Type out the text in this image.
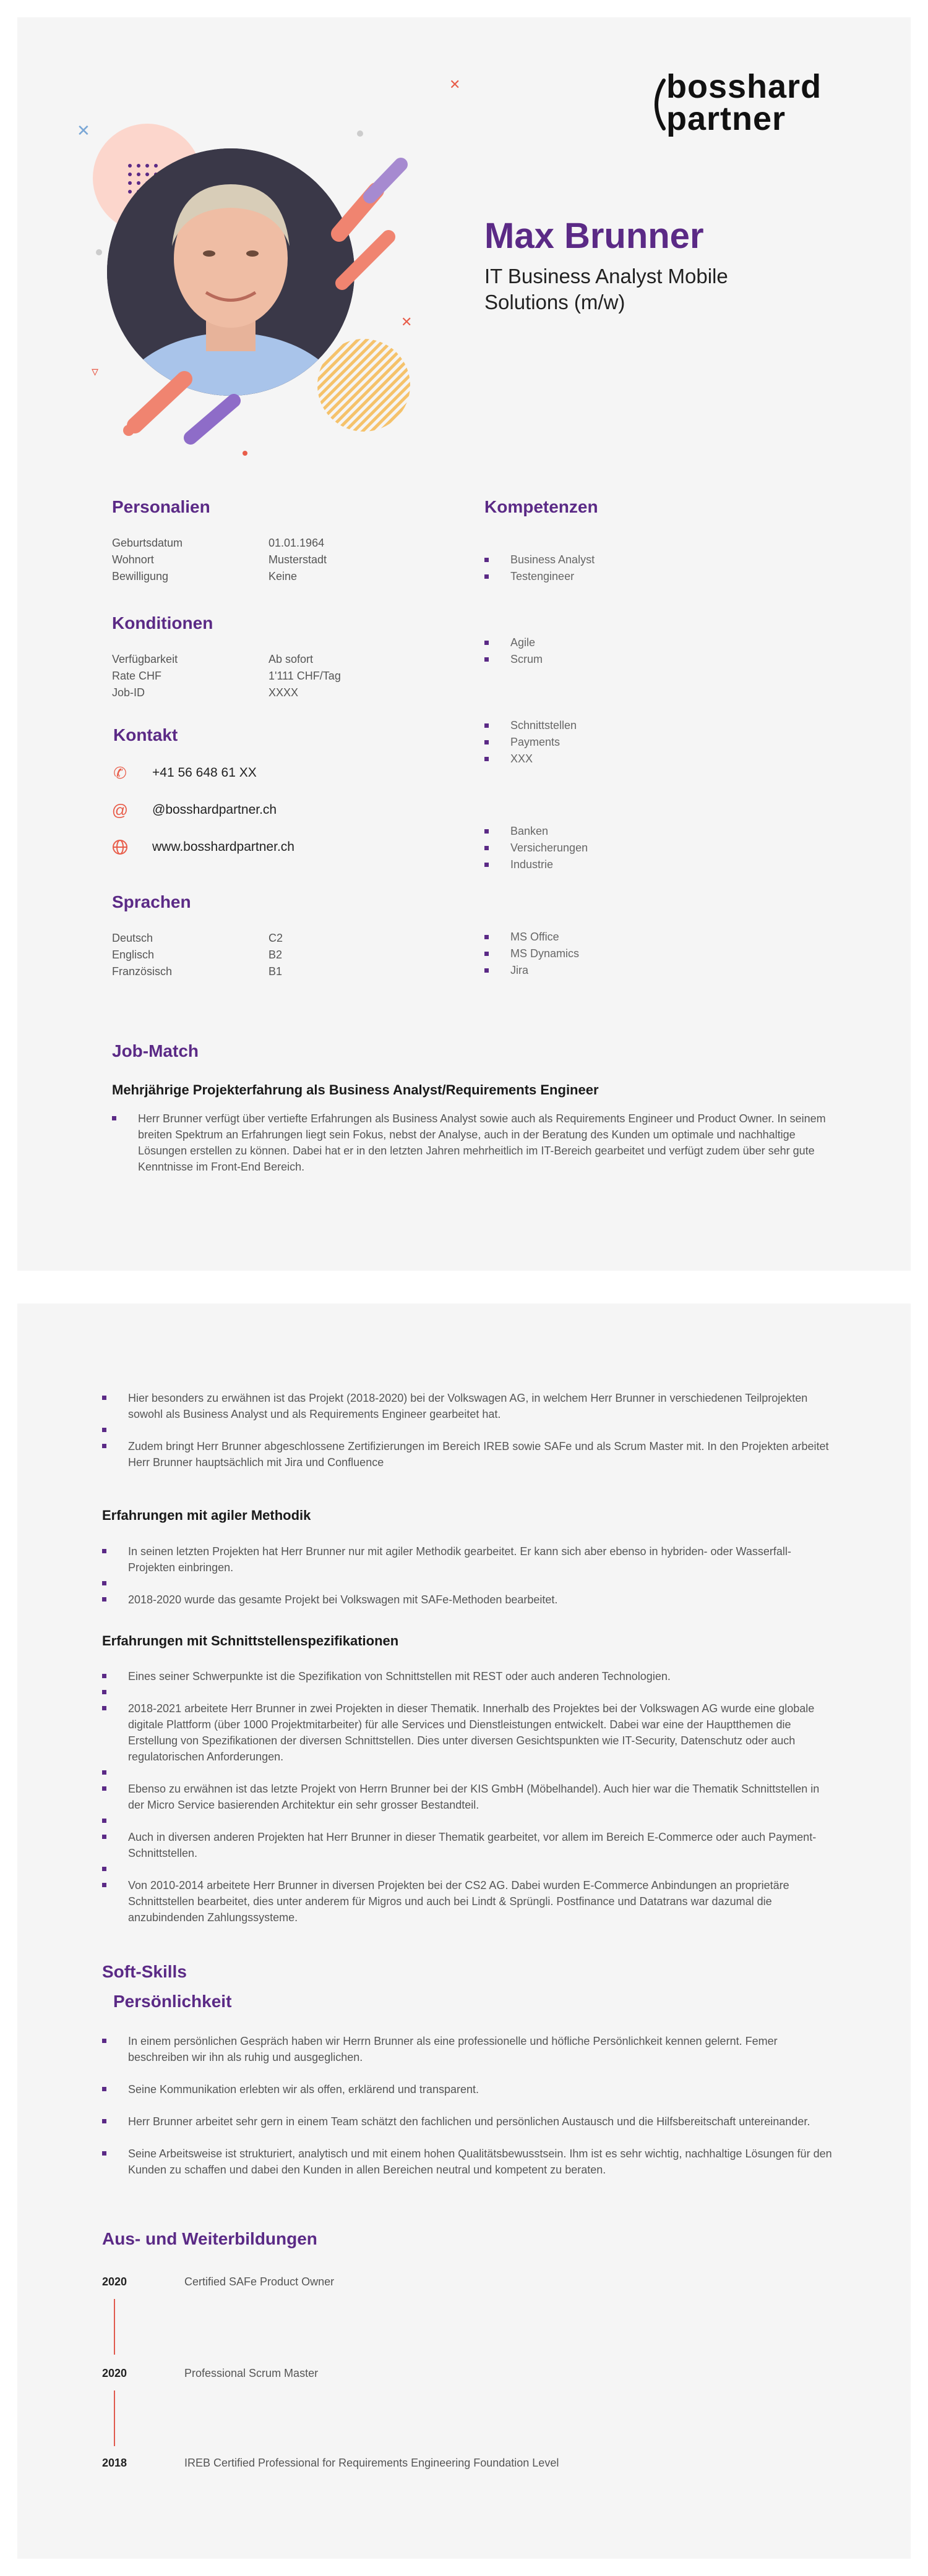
bosshard
partner
✕
✕
✕
▿
Max Brunner
IT Business Analyst Mobile
Solutions (m/w)
Personalien
Geburtsdatum	01.01.1964
Wohnort	Musterstadt
Bewilligung	Keine
Konditionen
Verfügbarkeit	Ab sofort
Rate CHF	1'111 CHF/Tag
Job-ID	XXXX
Kontakt
✆ +41 56 648 61 XX
@ @bosshardpartner.ch
www.bosshardpartner.ch
Sprachen
Deutsch	C2
Englisch	B2
Französisch	B1
Kompetenzen
Business Analyst
Testengineer
Agile
Scrum
Schnittstellen
Payments
XXX
Banken
Versicherungen
Industrie
MS Office
MS Dynamics
Jira
Job-Match
Mehrjährige Projekterfahrung als Business Analyst/Requirements Engineer
Herr Brunner verfügt über vertiefte Erfahrungen als Business Analyst sowie auch als Requirements Engineer und Product Owner. In seinem breiten Spektrum an Erfahrungen liegt sein Fokus, nebst der Analyse, auch in der Beratung des Kunden um optimale und nachhaltige Lösungen erstellen zu können. Dabei hat er in den letzten Jahren mehrheitlich im IT-Bereich gearbeitet und verfügt zudem über sehr gute Kenntnisse im Front-End Bereich.
Hier besonders zu erwähnen ist das Projekt (2018-2020) bei der Volkswagen AG, in welchem Herr Brunner in verschiedenen Teilprojekten sowohl als Business Analyst und als Requirements Engineer gearbeitet hat.
Zudem bringt Herr Brunner abgeschlossene Zertifizierungen im Bereich IREB sowie SAFe und als Scrum Master mit. In den Projekten arbeitet Herr Brunner hauptsächlich mit Jira und Confluence
Erfahrungen mit agiler Methodik
In seinen letzten Projekten hat Herr Brunner nur mit agiler Methodik gearbeitet. Er kann sich aber ebenso in hybriden- oder Wasserfall-Projekten einbringen.
2018-2020 wurde das gesamte Projekt bei Volkswagen mit SAFe-Methoden bearbeitet.
Erfahrungen mit Schnittstellenspezifikationen
Eines seiner Schwerpunkte ist die Spezifikation von Schnittstellen mit REST oder auch anderen Technologien.
2018-2021 arbeitete Herr Brunner in zwei Projekten in dieser Thematik. Innerhalb des Projektes bei der Volkswagen AG wurde eine globale digitale Plattform (über 1000 Projektmitarbeiter) für alle Services und Dienstleistungen entwickelt. Dabei war eine der Hauptthemen die Erstellung von Spezifikationen der diversen Schnittstellen. Dies unter diversen Gesichtspunkten wie IT-Security, Datenschutz oder auch regulatorischen Anforderungen.
Ebenso zu erwähnen ist das letzte Projekt von Herrn Brunner bei der KIS GmbH (Möbelhandel). Auch hier war die Thematik Schnittstellen in der Micro Service basierenden Architektur ein sehr grosser Bestandteil.
Auch in diversen anderen Projekten hat Herr Brunner in dieser Thematik gearbeitet, vor allem im Bereich E-Commerce oder auch Payment-Schnittstellen.
Von 2010-2014 arbeitete Herr Brunner in diversen Projekten bei der CS2 AG. Dabei wurden E-Commerce Anbindungen an proprietäre Schnittstellen bearbeitet, dies unter anderem für Migros und auch bei Lindt & Sprüngli. Postfinance und Datatrans war dazumal die anzubindenden Zahlungssysteme.
Soft-Skills
Persönlichkeit
In einem persönlichen Gespräch haben wir Herrn Brunner als eine professionelle und höfliche Persönlichkeit kennen gelernt. Femer beschreiben wir ihn als ruhig und ausgeglichen.
Seine Kommunikation erlebten wir als offen, erklärend und transparent.
Herr Brunner arbeitet sehr gern in einem Team schätzt den fachlichen und persönlichen Austausch und die Hilfsbereitschaft untereinander.
Seine Arbeitsweise ist strukturiert, analytisch und mit einem hohen Qualitätsbewusstsein. Ihm ist es sehr wichtig, nachhaltige Lösungen für den Kunden zu schaffen und dabei den Kunden in allen Bereichen neutral und kompetent zu beraten.
Aus- und Weiterbildungen
2020	Certified SAFe Product Owner
2020	Professional Scrum Master
2018	IREB Certified Professional for Requirements Engineering Foundation Level
